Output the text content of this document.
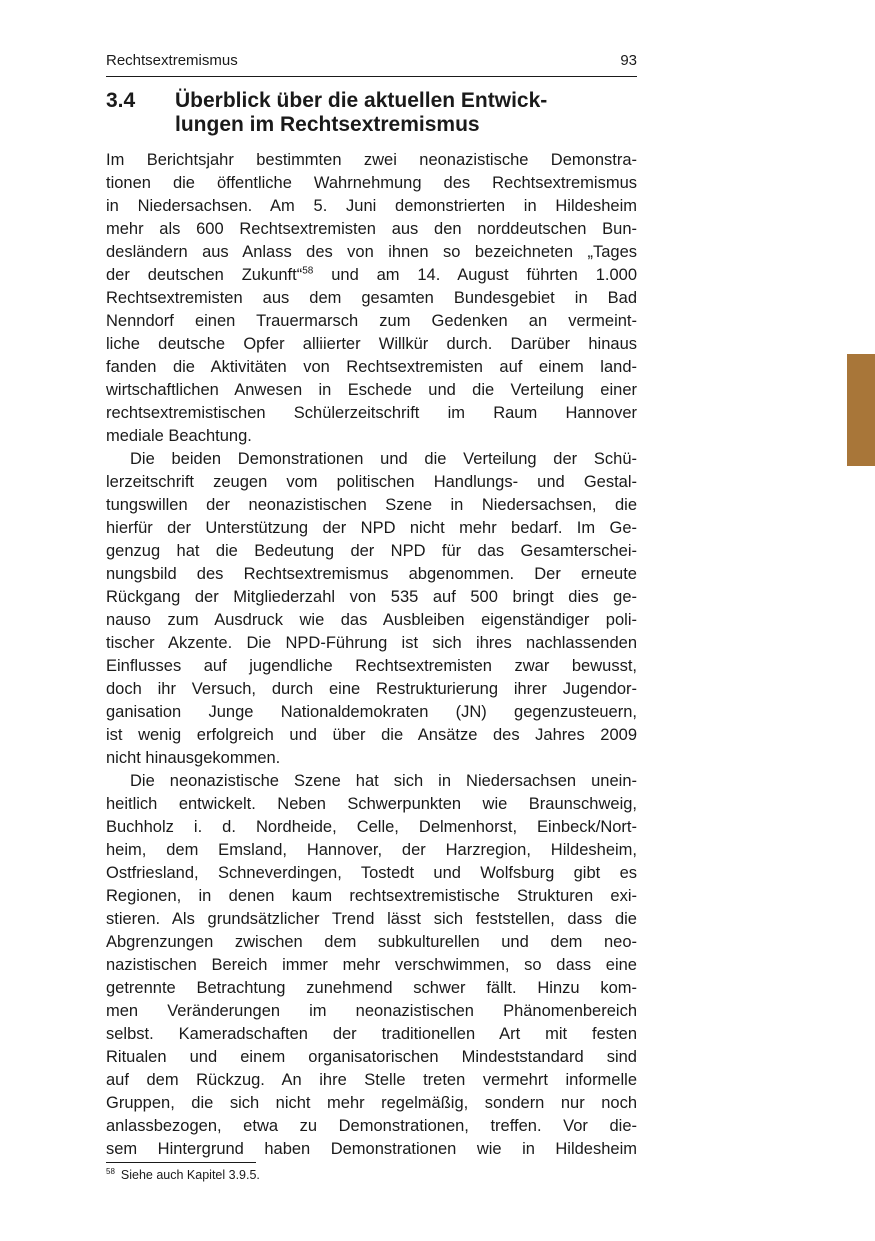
Rechtsextremismus	93
3.4 Überblick über die aktuellen Entwick-
lungen im Rechtsextremismus
Im Berichtsjahr bestimmten zwei neonazistische Demonstra-
tionen die öffentliche Wahrnehmung des Rechtsextremismus
in Niedersachsen. Am 5. Juni demonstrierten in Hildesheim
mehr als 600 Rechtsextremisten aus den norddeutschen Bun-
desländern aus Anlass des von ihnen so bezeichneten „Tages
der deutschen Zukunft“$^{58}$ und am 14. August führten 1.000
Rechtsextremisten aus dem gesamten Bundesgebiet in Bad
Nenndorf einen Trauermarsch zum Gedenken an vermeint-
liche deutsche Opfer alliierter Willkür durch. Darüber hinaus
fanden die Aktivitäten von Rechtsextremisten auf einem land-
wirtschaftlichen Anwesen in Eschede und die Verteilung einer
rechtsextremistischen Schülerzeitschrift im Raum Hannover
mediale Beachtung.
Die beiden Demonstrationen und die Verteilung der Schü-
lerzeitschrift zeugen vom politischen Handlungs- und Gestal-
tungswillen der neonazistischen Szene in Niedersachsen, die
hierfür der Unterstützung der NPD nicht mehr bedarf. Im Ge-
genzug hat die Bedeutung der NPD für das Gesamterschei-
nungsbild des Rechtsextremismus abgenommen. Der erneute
Rückgang der Mitgliederzahl von 535 auf 500 bringt dies ge-
nauso zum Ausdruck wie das Ausbleiben eigenständiger poli-
tischer Akzente. Die NPD-Führung ist sich ihres nachlassenden
Einflusses auf jugendliche Rechtsextremisten zwar bewusst,
doch ihr Versuch, durch eine Restrukturierung ihrer Jugendor-
ganisation Junge Nationaldemokraten (JN) gegenzusteuern,
ist wenig erfolgreich und über die Ansätze des Jahres 2009
nicht hinausgekommen.
Die neonazistische Szene hat sich in Niedersachsen unein-
heitlich entwickelt. Neben Schwerpunkten wie Braunschweig,
Buchholz i. d. Nordheide, Celle, Delmenhorst, Einbeck/Nort-
heim, dem Emsland, Hannover, der Harzregion, Hildesheim,
Ostfriesland, Schneverdingen, Tostedt und Wolfsburg gibt es
Regionen, in denen kaum rechtsextremistische Strukturen exi-
stieren. Als grundsätzlicher Trend lässt sich feststellen, dass die
Abgrenzungen zwischen dem subkulturellen und dem neo-
nazistischen Bereich immer mehr verschwimmen, so dass eine
getrennte Betrachtung zunehmend schwer fällt. Hinzu kom-
men Veränderungen im neonazistischen Phänomenbereich
selbst. Kameradschaften der traditionellen Art mit festen
Ritualen und einem organisatorischen Mindeststandard sind
auf dem Rückzug. An ihre Stelle treten vermehrt informelle
Gruppen, die sich nicht mehr regelmäßig, sondern nur noch
anlassbezogen, etwa zu Demonstrationen, treffen. Vor die-
sem Hintergrund haben Demonstrationen wie in Hildesheim
$^{58}$ Siehe auch Kapitel 3.9.5.
